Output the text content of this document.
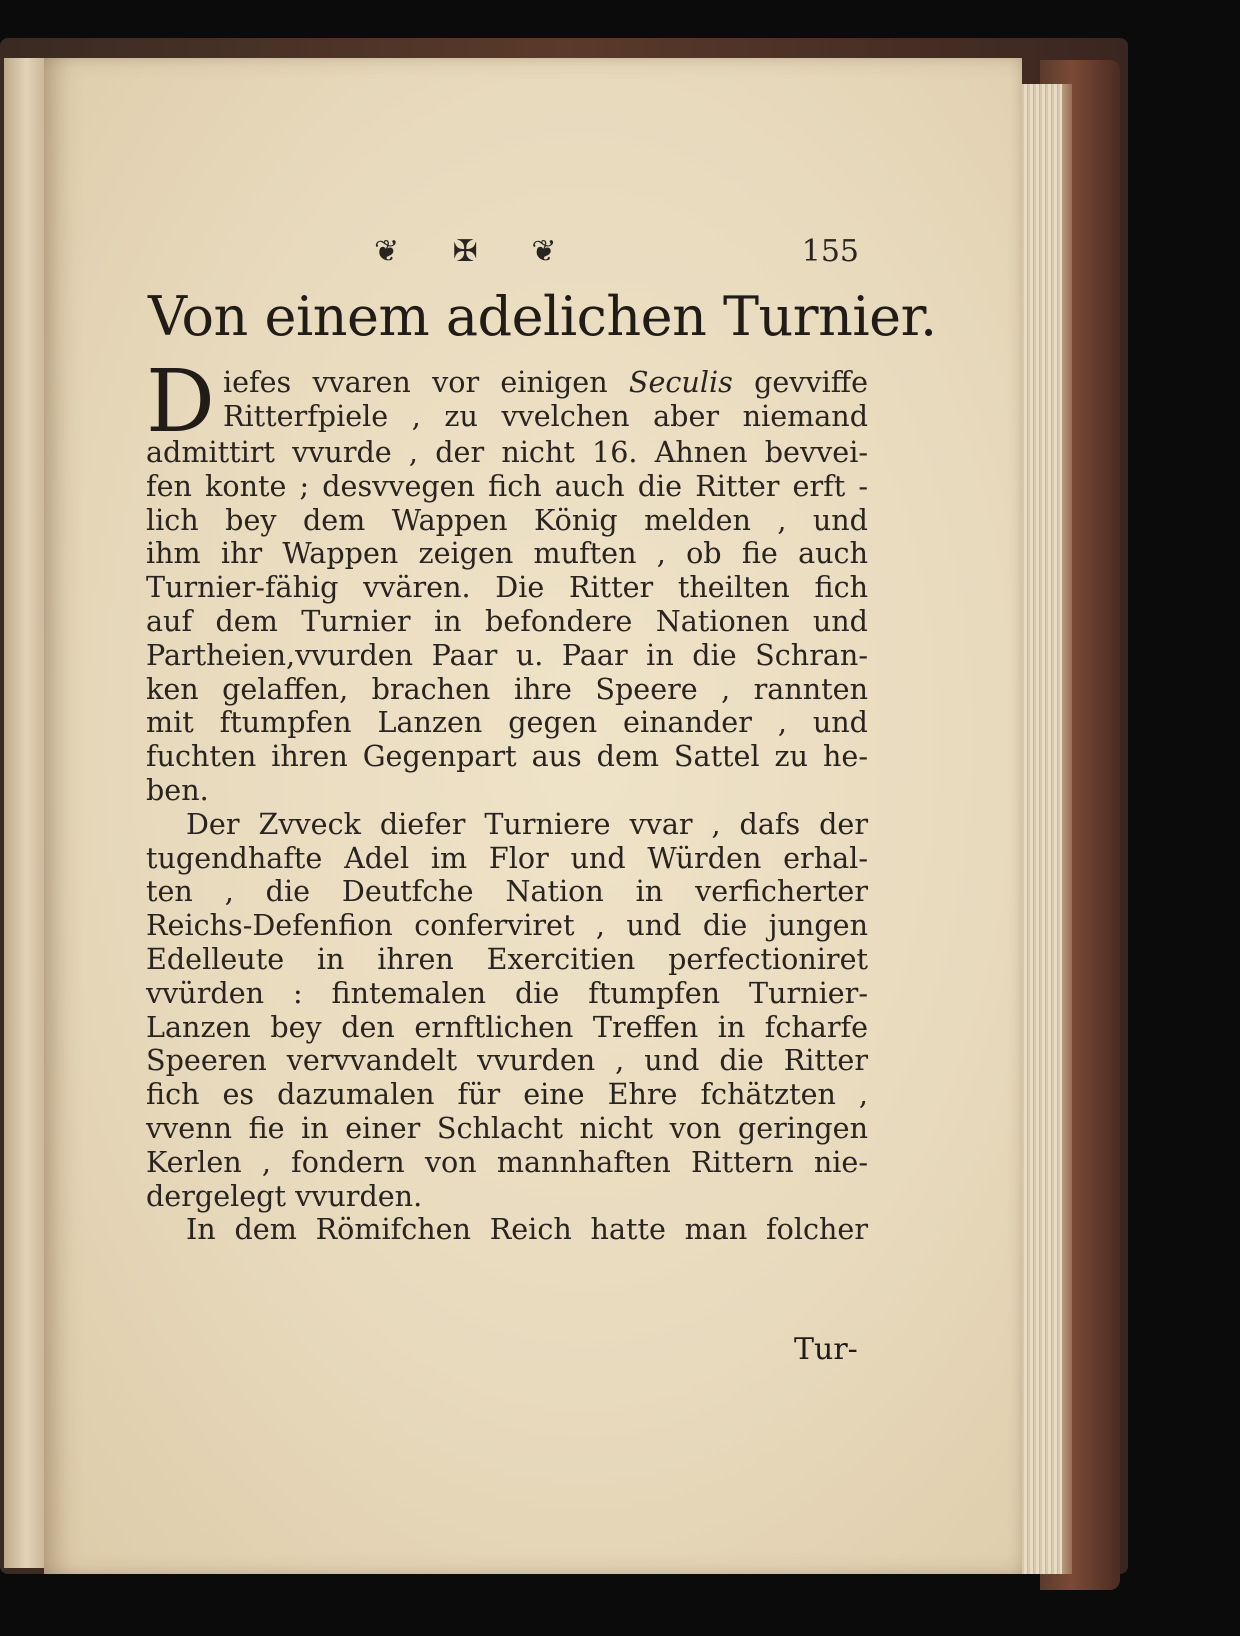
❦ ✠ ❦	155
Von einem adelichen Turnier.
D iefes vvaren vor einigen Seculis gevviffe
Ritterfpiele , zu vvelchen aber niemand
admittirt vvurde , der nicht 16. Ahnen bevvei-
fen konte ; desvvegen fich auch die Ritter erft -
lich bey dem Wappen König melden , und
ihm ihr Wappen zeigen muften , ob fie auch
Turnier-fähig vvären. Die Ritter theilten fich
auf dem Turnier in befondere Nationen und
Partheien,vvurden Paar u. Paar in die Schran-
ken gelaffen, brachen ihre Speere , rannten
mit ftumpfen Lanzen gegen einander , und
fuchten ihren Gegenpart aus dem Sattel zu he-
ben.
Der Zvveck diefer Turniere vvar , dafs der
tugendhafte Adel im Flor und Würden erhal-
ten , die Deutfche Nation in verficherter
Reichs-Defenfion conferviret , und die jungen
Edelleute in ihren Exercitien perfectioniret
vvürden : fintemalen die ftumpfen Turnier-
Lanzen bey den ernftlichen Treffen in fcharfe
Speeren vervvandelt vvurden , und die Ritter
fich es dazumalen für eine Ehre fchätzten ,
vvenn fie in einer Schlacht nicht von geringen
Kerlen , fondern von mannhaften Rittern nie-
dergelegt vvurden.
In dem Römifchen Reich hatte man folcher
Tur-
